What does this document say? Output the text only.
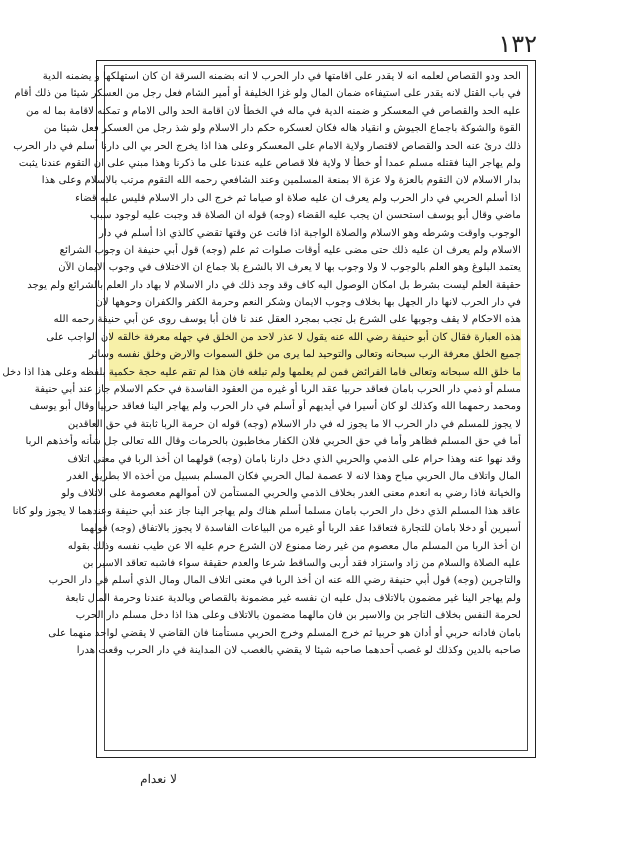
١٣٢
الحد ودو القصاص لعلمه انه لا يقدر على اقامتها في دار الحرب لا انه بضمنه السرقة ان كان استهلكها و يضمنه الدية
في باب القتل لانه يقدر على استيفاءه ضمان المال ولو غزا الخليفة أو أمير الشام فعل رجل من العسكر شيئا من ذلك أقام
عليه الحد والقصاص في المعسكر و ضمنه الدية في ماله في الخطأ لان اقامة الحد والى الامام و تمكنه لاقامة بما له من
القوة والشوكة باجماع الجيوش و انقياد هاله فكان لعسكره حكم دار الاسلام ولو شذ رجل من العسكر فعل شيئا من
ذلك درئ عنه الحد والقصاص لاقتصار ولاية الامام على المعسكر وعلى هذا اذا يخرج الحر بي الى دارنا أسلم في دار الحرب
ولم يهاجر الينا فقتله مسلم عمدا أو خطأ لا ولاية فلا قصاص عليه عندنا على ما ذكرنا وهذا مبني على ان التقوم عندنا يثبت
بدار الاسلام لان التقوم بالعزة ولا عزة الا بمنعة المسلمين وعند الشافعي رحمه الله التقوم مرتب بالاسلام وعلى هذا
اذا أسلم الحربي في دار الحرب ولم يعرف ان عليه صلاة او صياما ثم خرج الى دار الاسلام فليس عليه قضاء
ماضي وقال أبو يوسف استحسن ان يجب عليه القضاء (وجه) قوله ان الصلاة قد وجبت عليه لوجود سبب
الوجوب واوقت وشرطه وهو الاسلام والصلاة الواجبة اذا فاتت عن وقتها تقضي كالذي اذا أسلم في دار
الاسلام ولم يعرف ان عليه ذلك حتى مضى عليه أوقات صلوات ثم علم (وجه) قول أبي حنيفة ان وجوب الشرائع
يعتمد البلوغ وهو العلم بالوجوب لا ولا وجوب بها لا يعرف الا بالشرع بلا جماع ان الاختلاف في وجوب الايمان الآن
حقيقة العلم ليست بشرط بل امكان الوصول اليه كاف وقد وجد ذلك في دار الاسلام لا بهاد دار العلم بالشرائع ولم يوجد
في دار الحرب لانها دار الجهل بها بخلاف وجوب الايمان وشكر النعم وحرمة الكفر والكفران وحوهها لان
هذه الاحكام لا يقف وجوبها على الشرع بل تجب بمجرد العقل عند نا فان أبا يوسف روى عن أبي حنيفة رحمه الله
هذه العبارة فقال كان أبو حنيفة رضي الله عنه يقول لا عذر لاحد من الخلق في جهله معرفة خالقه لان الواجب على
جميع الخلق معرفة الرب سبحانه وتعالى والتوحيد لما يرى من خلق السموات والارض وخلق نفسه وسائر
ما خلق الله سبحانه وتعالى فاما الفرائض فمن لم يعلمها ولم تبلغه فان هذا لم تقم عليه حجة حكمية بلفظه وعلى هذا اذا دخل
مسلم أو ذمي دار الحرب بامان فعاقد حربيا عقد الربا أو غيره من العقود الفاسدة في حكم الاسلام جاز عند أبي حنيفة
ومحمد رحمهما الله وكذلك لو كان أسيرا في أيديهم أو أسلم في دار الحرب ولم يهاجر الينا فعاقد حربيا وقال أبو يوسف
لا يجوز للمسلم في دار الحرب الا ما يجوز له في دار الاسلام (وجه) قوله ان حرمة الربا ثابتة في حق العاقدين
أما في حق المسلم فظاهر وأما في حق الحربي فلان الكفار مخاطبون بالحرمات وقال الله تعالى جل شأنه وأخذهم الربا
وقد نهوا عنه وهذا حرام على الذمي والحربي الذي دخل دارنا بامان (وجه) قولهما ان أخذ الربا في معنى اتلاف
المال واتلاف مال الحربي مباح وهذا لانه لا عصمة لمال الحربي فكان المسلم بسبيل من أخذه الا بطريق الغدر
والخيانة فاذا رضي به انعدم معنى الغدر بخلاف الذمي والحربي المستأمن لان أموالهم معصومة على الاتلاف ولو
عاقد هذا المسلم الذي دخل دار الحرب بامان مسلما أسلم هناك ولم يهاجر الينا جاز عند أبي حنيفة وعندهما لا يجوز ولو كانا
أسيرين أو دخلا بامان للتجارة فتعاقدا عقد الربا أو غيره من البياعات الفاسدة لا يجوز بالاتفاق (وجه) قولهما
ان أخذ الربا من المسلم مال معصوم من غير رضا ممنوع لان الشرع حرم عليه الا عن طيب نفسه وذلك بقوله
عليه الصلاة والسلام من زاد واستزاد فقد أربى والساقط شرعا والعدم حقيقة سواء فاشبه تعاقد الاسير بن
والتاجرين (وجه) قول أبي حنيفة رضي الله عنه ان أخذ الربا في معنى اتلاف المال ومال الذي أسلم في دار الحرب
ولم يهاجر الينا غير مضمون بالاتلاف بدل عليه ان نفسه غير مضمونة بالقصاص وبالدية عندنا وحرمة المال تابعة
لحرمة النفس بخلاف التاجر بن والاسير بن فان مالهما مضمون بالاتلاف وعلى هذا اذا دخل مسلم دار الحرب
بامان فادانه حربي أو أدان هو حربيا ثم خرج المسلم وخرج الحربي مستأمنا فان القاضي لا يقضي لواحد منهما على
صاحبه بالدين وكذلك لو غصب أحدهما صاحبه شيئا لا يقضي بالغصب لان المداينة في دار الحرب وقعت هدرا
لا نعدام
